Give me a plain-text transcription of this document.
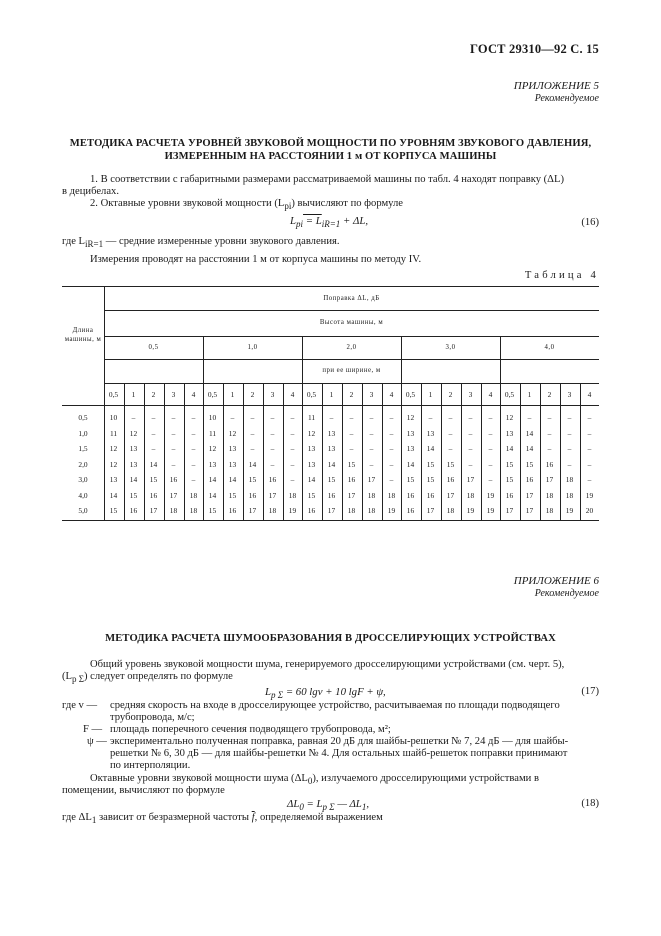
ГОСТ 29310—92 С. 15
ПРИЛОЖЕНИЕ 5
Рекомендуемое
МЕТОДИКА РАСЧЕТА УРОВНЕЙ ЗВУКОВОЙ МОЩНОСТИ ПО УРОВНЯМ ЗВУКОВОГО ДАВЛЕНИЯ,
ИЗМЕРЕННЫМ НА РАССТОЯНИИ 1 м ОТ КОРПУСА МАШИНЫ
1. В соответствии с габаритными размерами рассматриваемой машины по табл. 4 находят поправку (ΔL)
в децибелах.
2. Октавные уровни звуковой мощности $(L_{pi})$ вычисляют по формуле
$L_{pi} = L_{iR=1} + \Delta L$,	(16)
где $L_{iR=1}$ — средние измеренные уровни звукового давления.
Измерения проводят на расстоянии 1 м от корпуса машины по методу IV.
Таблица 4
Длина машины, м
Поправка ΔL, дБ
Высота машины, м
0,5	1,0	2,0	3,0	4,0
при ее ширине, м
0,5	1	2	3	4	0,5	1	2	3	4	0,5	1	2	3	4	0,5	1	2	3	4	0,5	1	2	3	4
0,5	10	–	–	–	–	10	–	–	–	–	11	–	–	–	–	12	–	–	–	–	12	–	–	–	–
1,0	11	12	–	–	–	11	12	–	–	–	12	13	–	–	–	13	13	–	–	–	13	14	–	–	–
1,5	12	13	–	–	–	12	13	–	–	–	13	13	–	–	–	13	14	–	–	–	14	14	–	–	–
2,0	12	13	14	–	–	13	13	14	–	–	13	14	15	–	–	14	15	15	–	–	15	15	16	–	–
3,0	13	14	15	16	–	14	14	15	16	–	14	15	16	17	–	15	15	16	17	–	15	16	17	18	–
4,0	14	15	16	17	18	14	15	16	17	18	15	16	17	18	18	16	16	17	18	19	16	17	18	18	19
5,0	15	16	17	18	18	15	16	17	18	19	16	17	18	18	19	16	17	18	19	19	17	17	18	19	20
ПРИЛОЖЕНИЕ 6
Рекомендуемое
МЕТОДИКА РАСЧЕТА ШУМООБРАЗОВАНИЯ В ДРОССЕЛИРУЮЩИХ УСТРОЙСТВАХ
Общий уровень звуковой мощности шума, генерируемого дросселирующими устройствами (см. черт. 5),
$(L_{p \Sigma})$ следует определять по формуле
$L_{p \Sigma} = 60$ lgv + 10 lgF + ψ,	(17)
где v — средняя скорость на входе в дросселирующее устройство, расчитываемая по площади подводящего
трубопровода, м/с;
F — площадь поперечного сечения подводящего трубопровода, м²;
ψ — экспериментально полученная поправка, равная 20 дБ для шайбы-решетки № 7, 24 дБ — для шайбы-
решетки № 6, 30 дБ — для шайбы-решетки № 4. Для остальных шайб-решеток поправки принимают
по интерполяции.
Октавные уровни звуковой мощности шума $(\Delta L_0)$, излучаемого дросселирующими устройствами в
помещении, вычисляют по формуле
$\Delta L_0 = L_{p \Sigma}$ — $\Delta L_1$,	(18)
где $\Delta L_1$ зависит от безразмерной частоты $\overline{f}$, определяемой выражением
